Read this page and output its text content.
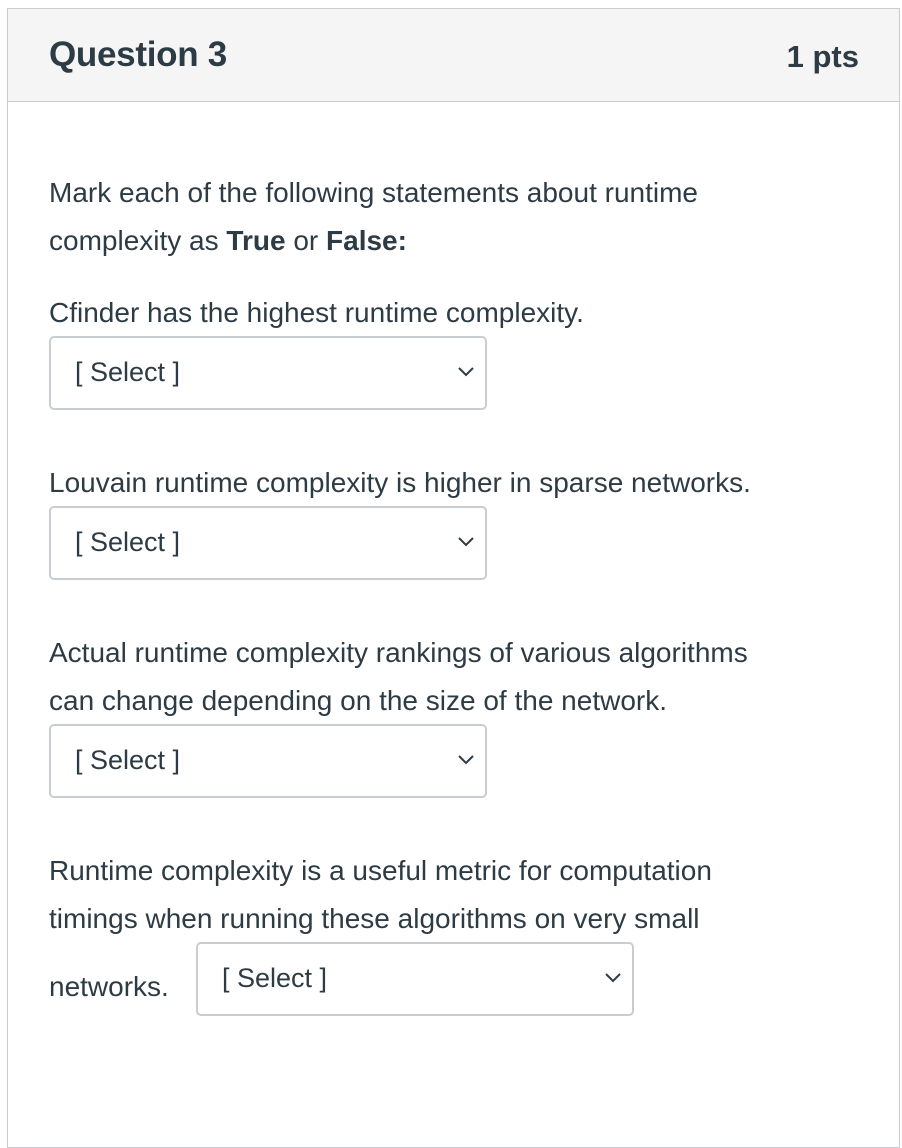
Question 3	1 pts
Mark each of the following statements about runtime
complexity as True or False:
Cfinder has the highest runtime complexity.
[ Select ]
Louvain runtime complexity is higher in sparse networks.
[ Select ]
Actual runtime complexity rankings of various algorithms
can change depending on the size of the network.
[ Select ]
Runtime complexity is a useful metric for computation
timings when running these algorithms on very small
networks. [ Select ]
